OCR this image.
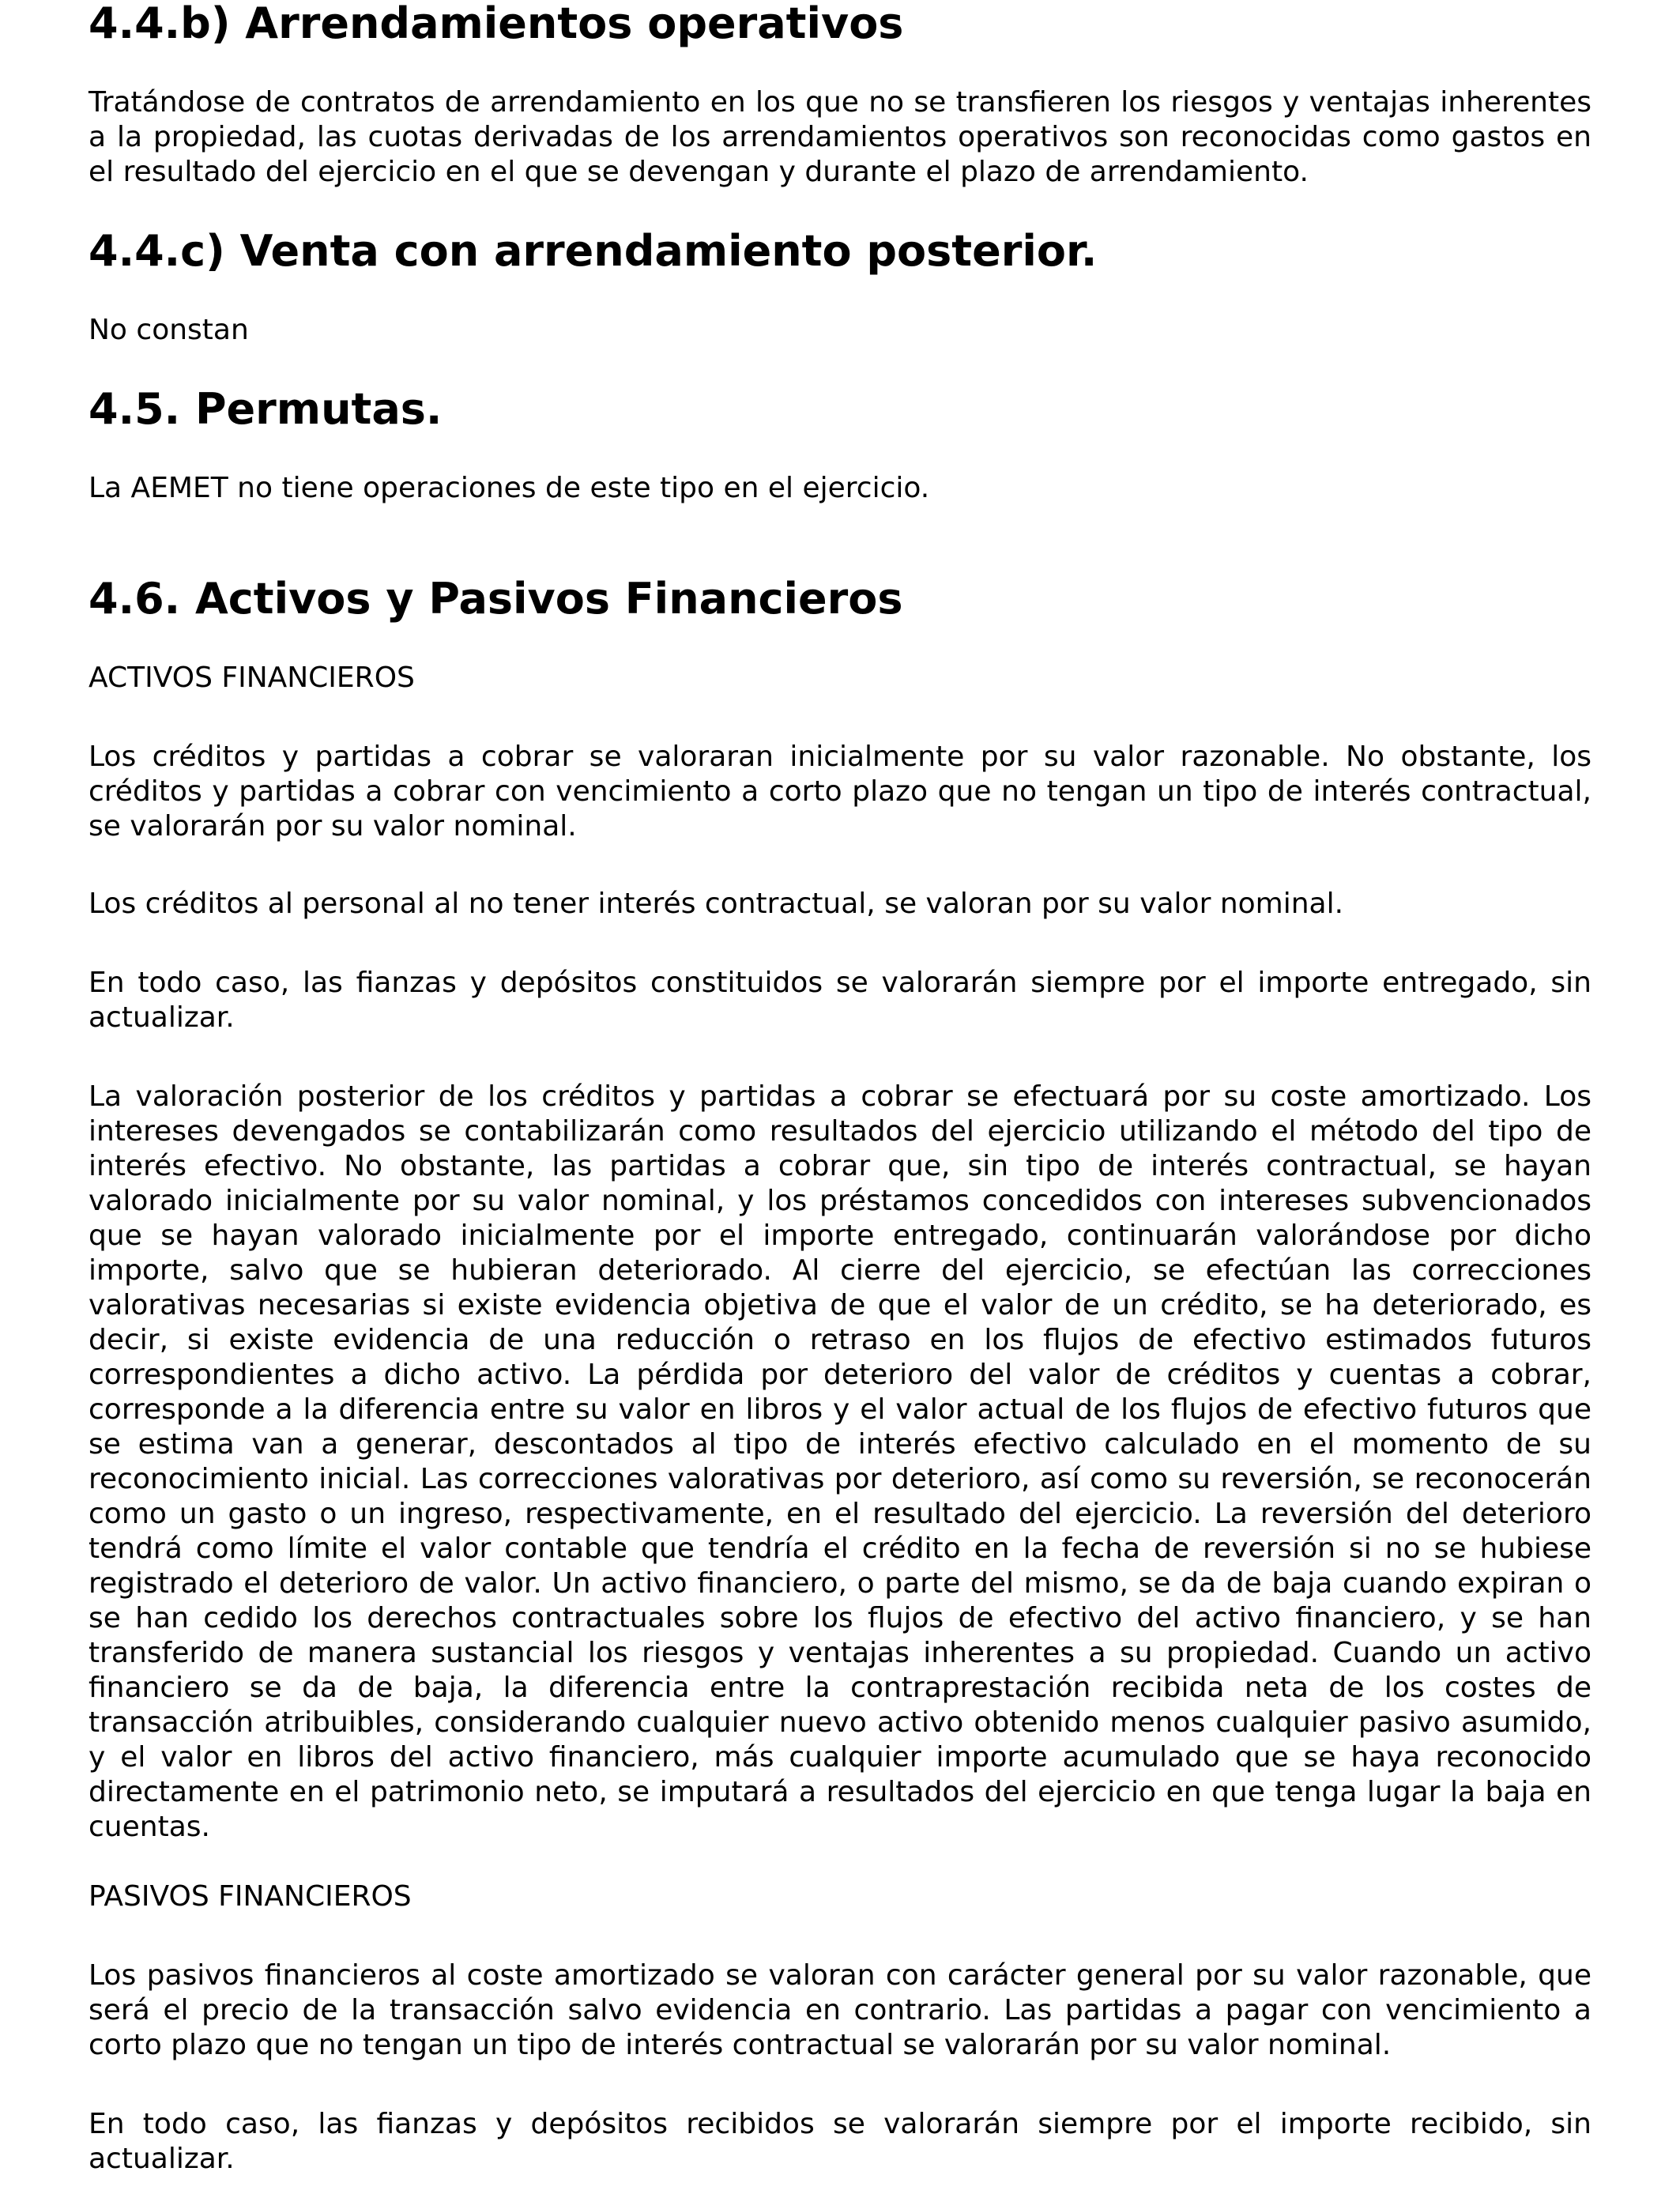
4.4.b) Arrendamientos operativos

Tratándose de contratos de arrendamiento en los que no se transfieren los riesgos y ventajas inherentes a la propiedad, las cuotas derivadas de los arrendamientos operativos son reconocidas como gastos en el resultado del ejercicio en el que se devengan y durante el plazo de arrendamiento.

4.4.c) Venta con arrendamiento posterior.

No constan

4.5. Permutas.

La AEMET no tiene operaciones de este tipo en el ejercicio.

4.6. Activos y Pasivos Financieros

ACTIVOS FINANCIEROS

Los créditos y partidas a cobrar se valoraran inicialmente por su valor razonable. No obstante, los créditos y partidas a cobrar con vencimiento a corto plazo que no tengan un tipo de interés contractual, se valorarán por su valor nominal.

Los créditos al personal al no tener interés contractual, se valoran por su valor nominal.

En todo caso, las fianzas y depósitos constituidos se valorarán siempre por el importe entregado, sin actualizar.

La valoración posterior de los créditos y partidas a cobrar se efectuará por su coste amortizado. Los intereses devengados se contabilizarán como resultados del ejercicio utilizando el método del tipo de interés efectivo. No obstante, las partidas a cobrar que, sin tipo de interés contractual, se hayan valorado inicialmente por su valor nominal, y los préstamos concedidos con intereses subvencionados que se hayan valorado inicialmente por el importe entregado, continuarán valorándose por dicho importe, salvo que se hubieran deteriorado. Al cierre del ejercicio, se efectúan las correcciones valorativas necesarias si existe evidencia objetiva de que el valor de un crédito, se ha deteriorado, es decir, si existe evidencia de una reducción o retraso en los flujos de efectivo estimados futuros correspondientes a dicho activo. La pérdida por deterioro del valor de créditos y cuentas a cobrar, corresponde a la diferencia entre su valor en libros y el valor actual de los flujos de efectivo futuros que se estima van a generar, descontados al tipo de interés efectivo calculado en el momento de su reconocimiento inicial. Las correcciones valorativas por deterioro, así como su reversión, se reconocerán como un gasto o un ingreso, respectivamente, en el resultado del ejercicio. La reversión del deterioro tendrá como límite el valor contable que tendría el crédito en la fecha de reversión si no se hubiese registrado el deterioro de valor. Un activo financiero, o parte del mismo, se da de baja cuando expiran o se han cedido los derechos contractuales sobre los flujos de efectivo del activo financiero, y se han transferido de manera sustancial los riesgos y ventajas inherentes a su propiedad. Cuando un activo financiero se da de baja, la diferencia entre la contraprestación recibida neta de los costes de transacción atribuibles, considerando cualquier nuevo activo obtenido menos cualquier pasivo asumido, y el valor en libros del activo financiero, más cualquier importe acumulado que se haya reconocido directamente en el patrimonio neto, se imputará a resultados del ejercicio en que tenga lugar la baja en cuentas.

PASIVOS FINANCIEROS

Los pasivos financieros al coste amortizado se valoran con carácter general por su valor razonable, que será el precio de la transacción salvo evidencia en contrario. Las partidas a pagar con vencimiento a corto plazo que no tengan un tipo de interés contractual se valorarán por su valor nominal.

En todo caso, las fianzas y depósitos recibidos se valorarán siempre por el importe recibido, sin actualizar.
